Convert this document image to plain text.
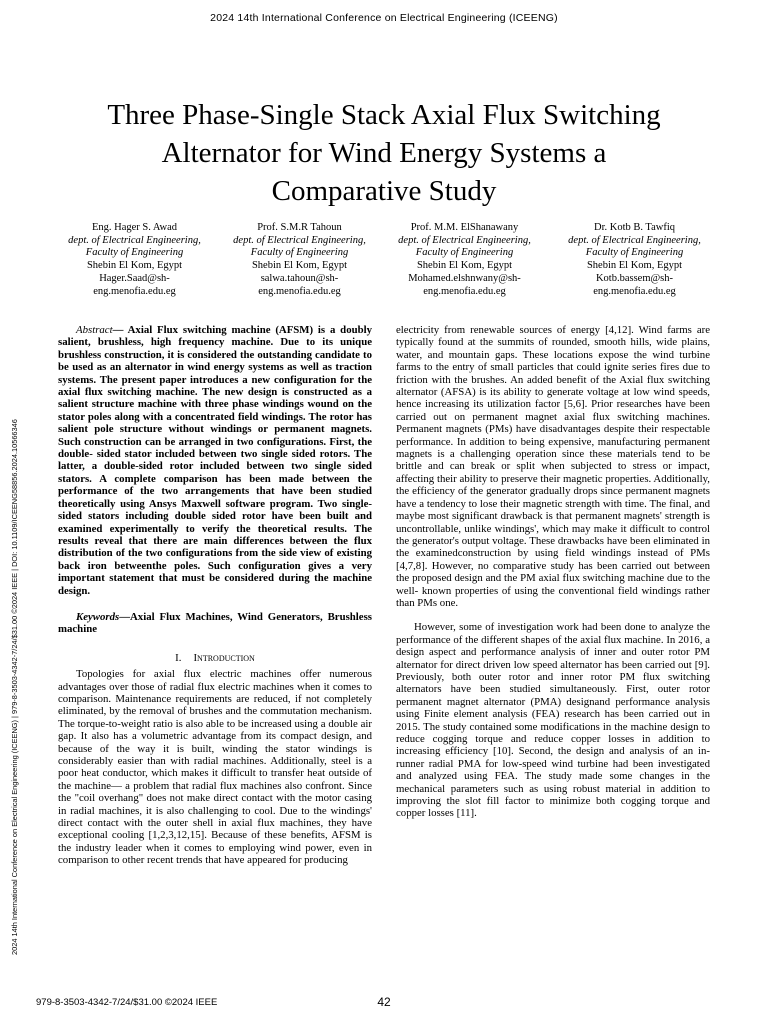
2024 14th International Conference on Electrical Engineering (ICEENG)
Three Phase-Single Stack Axial Flux Switching
Alternator for Wind Energy Systems a
Comparative Study
Eng. Hager S. Awad
dept. of Electrical Engineering,
Faculty of Engineering
Shebin El Kom, Egypt
Hager.Saad@sh-
eng.menofia.edu.eg
Prof. S.M.R Tahoun
dept. of Electrical Engineering,
Faculty of Engineering
Shebin El Kom, Egypt
salwa.tahoun@sh-
eng.menofia.edu.eg
Prof. M.M. ElShanawany
dept. of Electrical Engineering,
Faculty of Engineering
Shebin El Kom, Egypt
Mohamed.elshnwany@sh-
eng.menofia.edu.eg
Dr. Kotb B. Tawfiq
dept. of Electrical Engineering,
Faculty of Engineering
Shebin El Kom, Egypt
Kotb.bassem@sh-
eng.menofia.edu.eg
2024 14th International Conference on Electrical Engineering (ICEENG) | 979-8-3503-4342-7/24/$31.00 ©2024 IEEE | DOI: 10.1109/ICEENG58856.2024.10566346

Abstract— Axial Flux switching machine (AFSM) is a doubly salient, brushless, high frequency machine. Due to its unique brushless construction, it is considered the outstanding candidate to be used as an alternator in wind energy systems as well as traction systems. The present paper introduces a new configuration for the axial flux switching machine. The new design is constructed as a salient structure machine with three phase windings wound on the stator poles along with a concentrated field windings. The rotor has salient pole structure without windings or permanent magnets. Such construction can be arranged in two configurations. First, the double- sided stator included between two single sided rotors. The latter, a double-sided rotor included between two single sided stators. A complete comparison has been made between the performance of the two arrangements that have been studied theoretically using Ansys Maxwell software program. Two single-sided stators including double sided rotor have been built and examined experimentally to verify the theoretical results. The results reveal that there are main differences between the flux distribution of the two configurations from the side view of existing back iron betweenthe poles. Such configuration gives a very important statement that must be considered during the machine design.

Keywords—Axial Flux Machines, Wind Generators, Brushless machine

I. Introduction

Topologies for axial flux electric machines offer numerous advantages over those of radial flux electric machines when it comes to comparison. Maintenance requirements are reduced, if not completely eliminated, by the removal of brushes and the commutation mechanism. The torque-to-weight ratio is also able to be increased using a double air gap. It also has a volumetric advantage from its compact design, and because of the way it is built, winding the stator windings is considerably easier than with radial machines. Additionally, steel is a poor heat conductor, which makes it difficult to transfer heat outside of the machine— a problem that radial flux machines also confront. Since the "coil overhang" does not make direct contact with the motor casing in radial machines, it is also challenging to cool. Due to the windings' direct contact with the outer shell in axial flux machines, they have exceptional cooling [1,2,3,12,15]. Because of these benefits, AFSM is the industry leader when it comes to employing wind power, even in comparison to other recent trends that have appeared for producing

electricity from renewable sources of energy [4,12]. Wind farms are typically found at the summits of rounded, smooth hills, wide plains, water, and mountain gaps. These locations expose the wind turbine farms to the entry of small particles that could ignite series fires due to friction with the brushes. An added benefit of the Axial flux switching alternator (AFSA) is its ability to generate voltage at low wind speeds, hence increasing its utilization factor [5,6]. Prior researches have been carried out on permanent magnet axial flux switching machines. Permanent magnets (PMs) have disadvantages despite their respectable performance. In addition to being expensive, manufacturing permanent magnets is a challenging operation since these materials tend to be brittle and can break or split when subjected to stress or impact, affecting their ability to preserve their magnetic properties. Additionally, the efficiency of the generator gradually drops since permanent magnets have a tendency to lose their magnetic strength with time. The final, and maybe most significant drawback is that permanent magnets' strength is uncontrollable, unlike windings', which may make it difficult to control the generator's output voltage. These drawbacks have been eliminated in the examinedconstruction by using field windings instead of PMs [4,7,8]. However, no comparative study has been carried out between the proposed design and the PM axial flux switching machine due to the well- known properties of using the conventional field windings rather than PMs one.

However, some of investigation work had been done to analyze the performance of the different shapes of the axial flux machine. In 2016, a design aspect and performance analysis of inner and outer rotor PM alternator for direct driven low speed alternator has been carried out [9]. Previously, both outer rotor and inner rotor PM flux switching alternators have been studied simultaneously. First, outer rotor permanent magnet alternator (PMA) designand performance analysis using Finite element analysis (FEA) research has been carried out in 2015. The study contained some modifications in the machine design to reduce cogging torque and reduce copper losses in addition to increasing efficiency [10]. Second, the design and analysis of an in-runner radial PMA for low-speed wind turbine had been investigated and analyzed using FEA. The study made some changes in the mechanical parameters such as using robust material in addition to improving the slot fill factor to minimize both cogging torque and copper losses [11].

979-8-3503-4342-7/24/$31.00 ©2024 IEEE	42
